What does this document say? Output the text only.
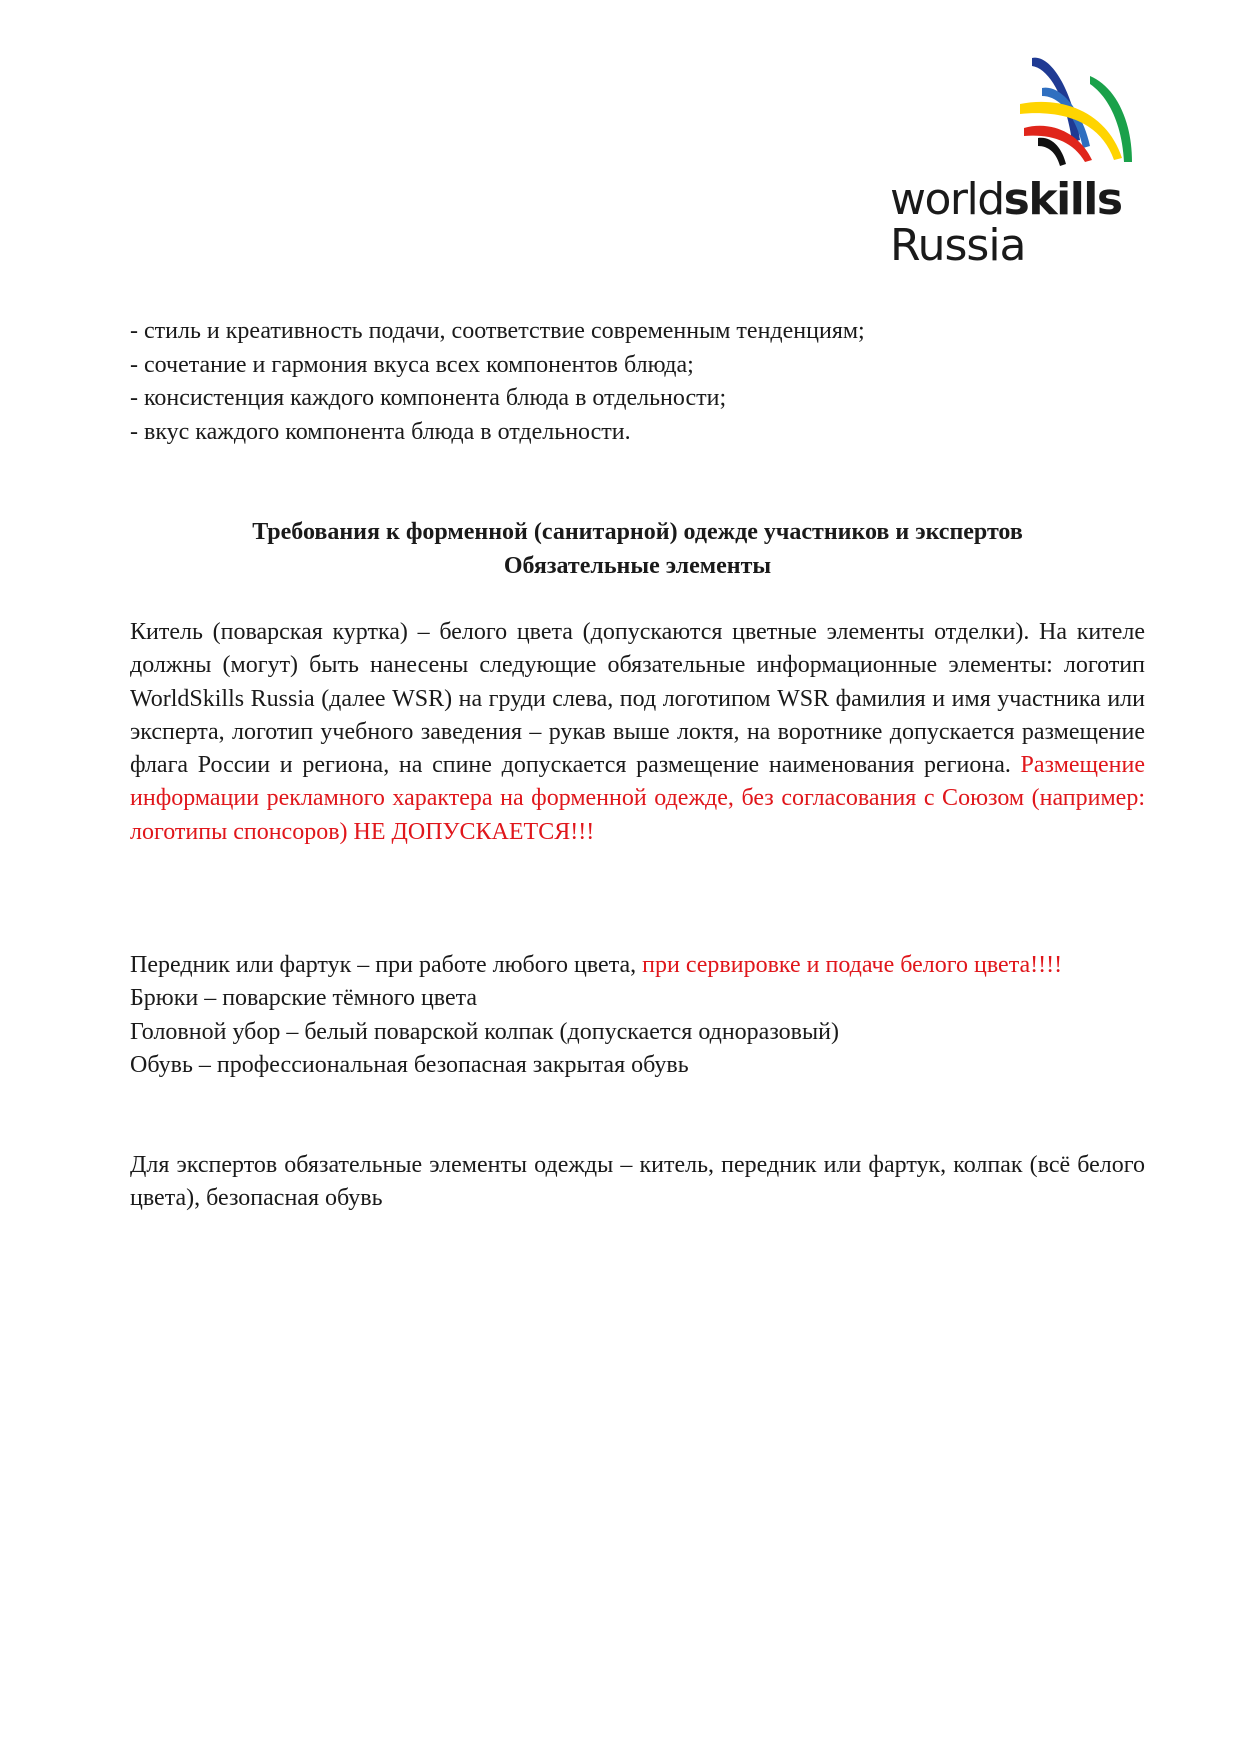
worldskills
Russia
- стиль и креативность подачи, соответствие современным тенденциям;
- сочетание и гармония вкуса всех компонентов блюда;
- консистенция каждого компонента блюда в отдельности;
- вкус каждого компонента блюда в отдельности.
Требования к форменной (санитарной) одежде участников и экспертов
Обязательные элементы
Китель (поварская куртка) – белого цвета (допускаются цветные элементы отделки). На кителе должны (могут) быть нанесены следующие обязательные информационные элементы: логотип WorldSkills Russia (далее WSR) на груди слева, под логотипом WSR фамилия и имя участника или эксперта, логотип учебного заведения – рукав выше локтя, на воротнике допускается размещение флага России и региона, на спине допускается размещение наименования региона. Размещение информации рекламного характера на форменной одежде, без согласования с Союзом (например: логотипы спонсоров) НЕ ДОПУСКАЕТСЯ!!!
Передник или фартук – при работе любого цвета, при сервировке и подаче белого цвета!!!!
Брюки – поварские тёмного цвета
Головной убор – белый поварской колпак (допускается одноразовый)
Обувь – профессиональная безопасная закрытая обувь
Для экспертов обязательные элементы одежды – китель, передник или фартук, колпак (всё белого цвета), безопасная обувь
